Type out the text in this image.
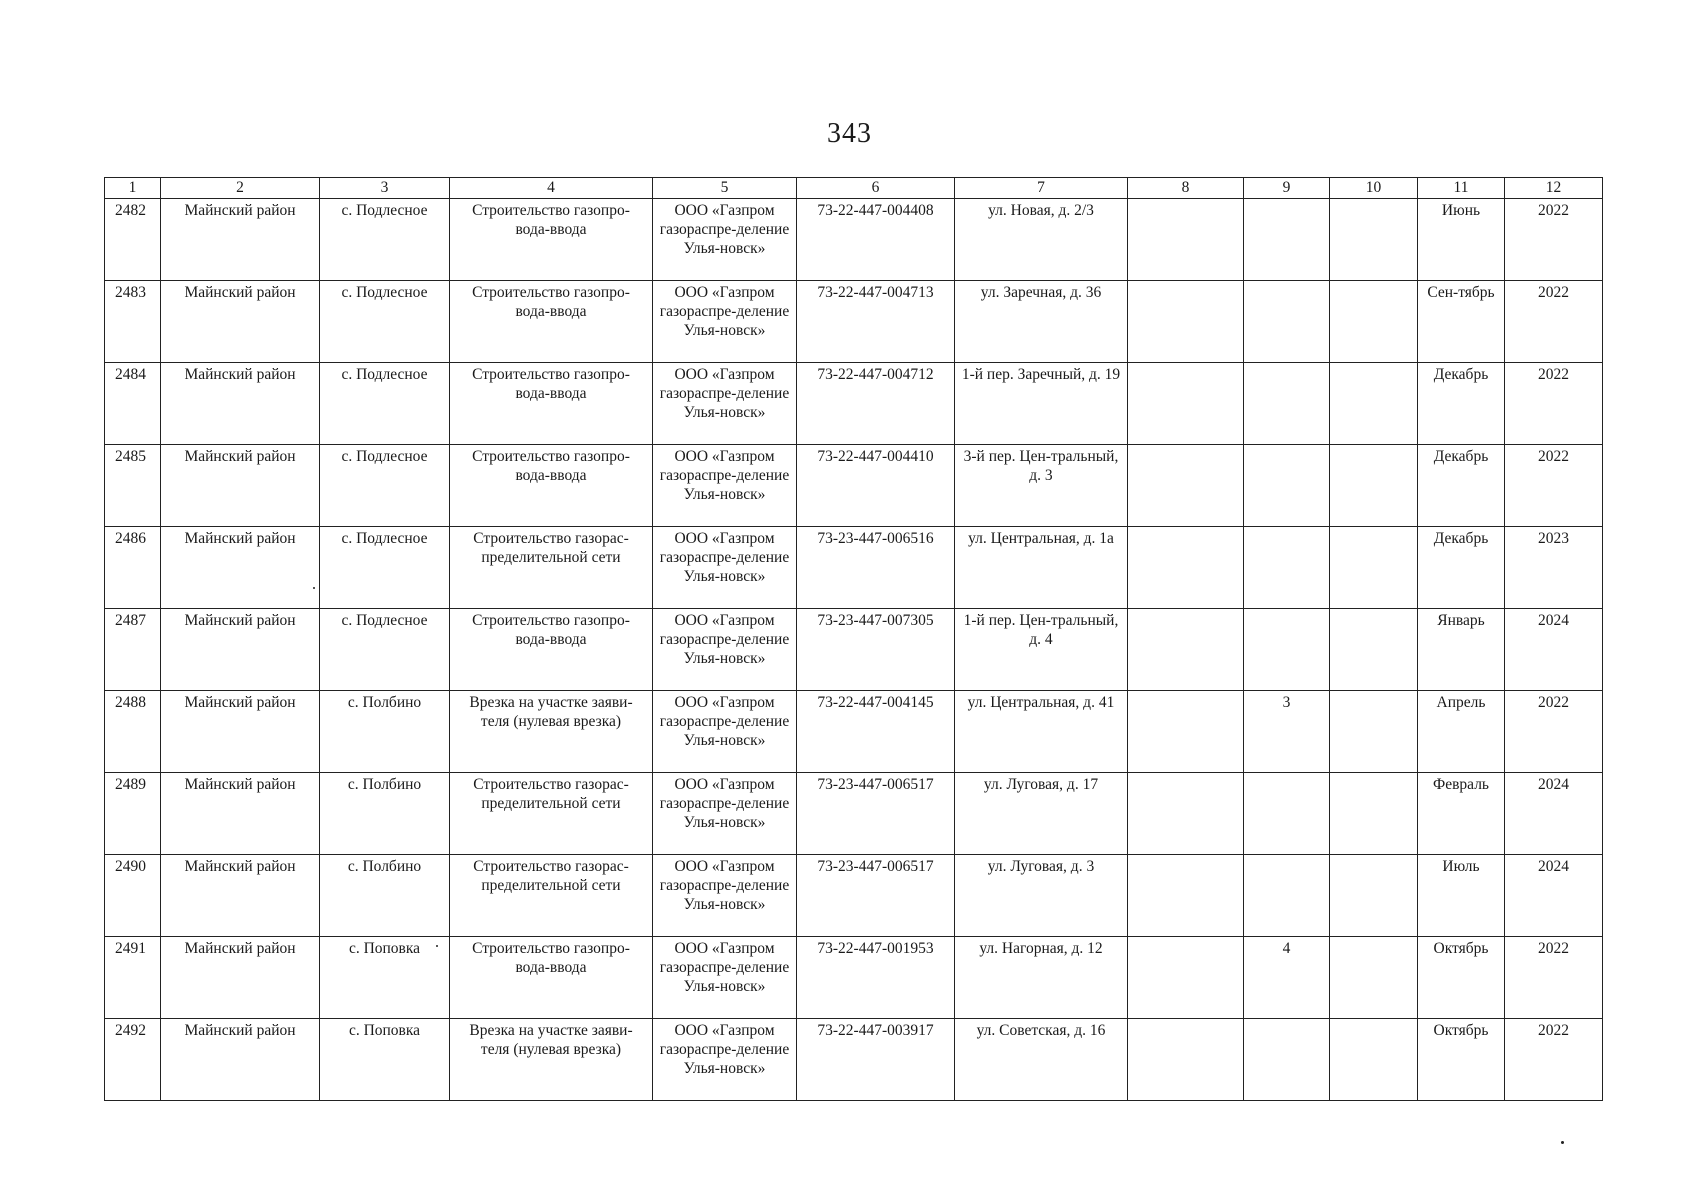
343
1	2	3	4	5	6	7	8	9	10	11	12
2482	Майнский район	с. Подлесное	Строительство газопро-вода-ввода	ООО «Газпром газораспре-деление Улья-новск»	73-22-447-004408	ул. Новая, д. 2/3				Июнь	2022
2483	Майнский район	с. Подлесное	Строительство газопро-вода-ввода	ООО «Газпром газораспре-деление Улья-новск»	73-22-447-004713	ул. Заречная, д. 36				Сен-тябрь	2022
2484	Майнский район	с. Подлесное	Строительство газопро-вода-ввода	ООО «Газпром газораспре-деление Улья-новск»	73-22-447-004712	1-й пер. Заречный, д. 19				Декабрь	2022
2485	Майнский район	с. Подлесное	Строительство газопро-вода-ввода	ООО «Газпром газораспре-деление Улья-новск»	73-22-447-004410	3-й пер. Цен-тральный, д. 3				Декабрь	2022
2486	Майнский район	с. Подлесное	Строительство газорас-пределительной сети	ООО «Газпром газораспре-деление Улья-новск»	73-23-447-006516	ул. Центральная, д. 1а				Декабрь	2023
2487	Майнский район	с. Подлесное	Строительство газопро-вода-ввода	ООО «Газпром газораспре-деление Улья-новск»	73-23-447-007305	1-й пер. Цен-тральный, д. 4				Январь	2024
2488	Майнский район	с. Полбино	Врезка на участке заяви-теля (нулевая врезка)	ООО «Газпром газораспре-деление Улья-новск»	73-22-447-004145	ул. Центральная, д. 41		3		Апрель	2022
2489	Майнский район	с. Полбино	Строительство газорас-пределительной сети	ООО «Газпром газораспре-деление Улья-новск»	73-23-447-006517	ул. Луговая, д. 17				Февраль	2024
2490	Майнский район	с. Полбино	Строительство газорас-пределительной сети	ООО «Газпром газораспре-деление Улья-новск»	73-23-447-006517	ул. Луговая, д. 3				Июль	2024
2491	Майнский район	с. Поповка	Строительство газопро-вода-ввода	ООО «Газпром газораспре-деление Улья-новск»	73-22-447-001953	ул. Нагорная, д. 12		4		Октябрь	2022
2492	Майнский район	с. Поповка	Врезка на участке заяви-теля (нулевая врезка)	ООО «Газпром газораспре-деление Улья-новск»	73-22-447-003917	ул. Советская, д. 16				Октябрь	2022
